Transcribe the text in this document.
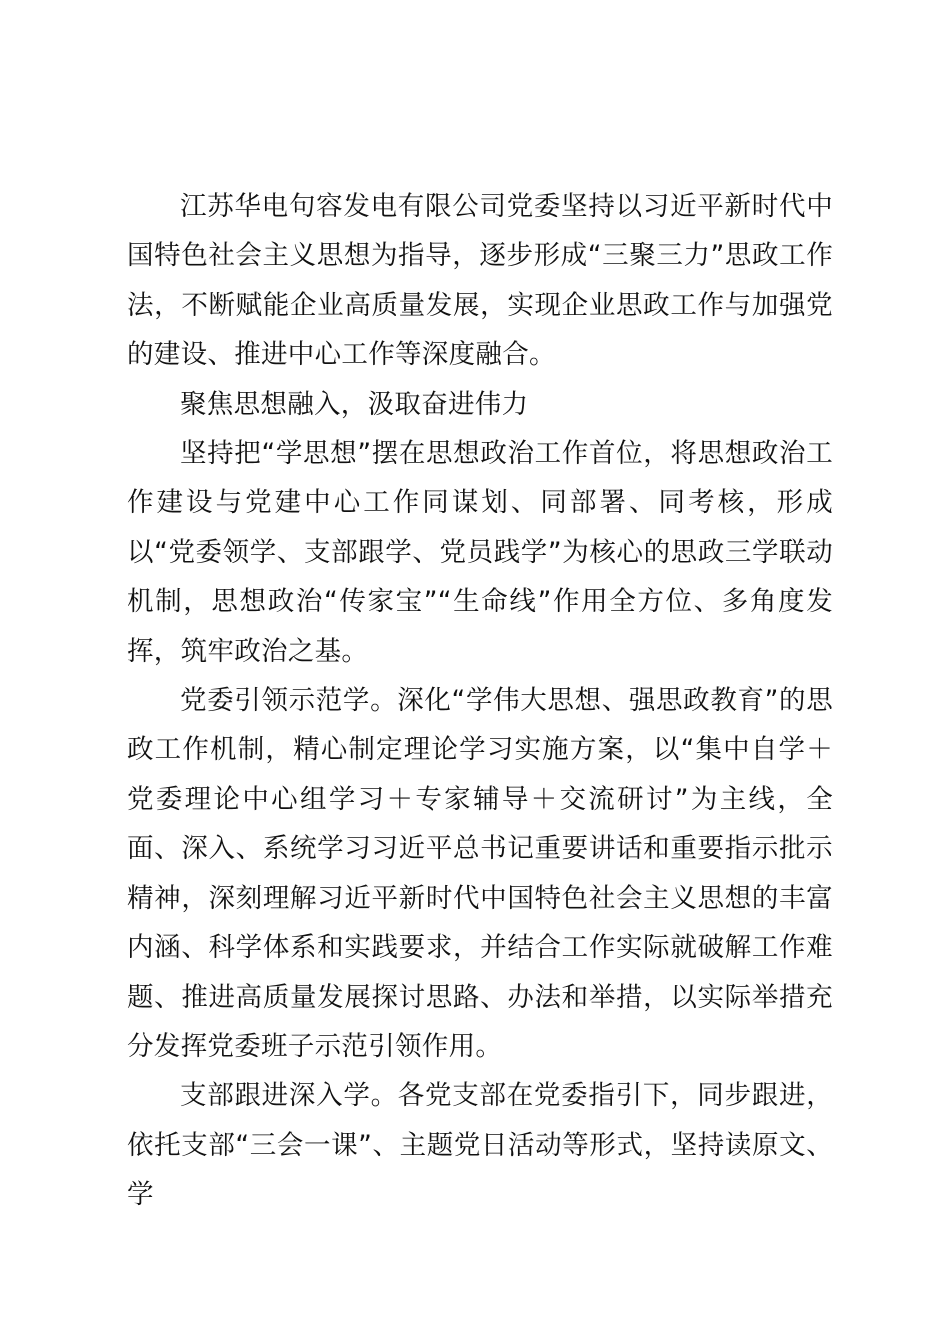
江苏华电句容发电有限公司党委坚持以习近平新时代中国特色社会主义思想为指导，逐步形成“三聚三力”思政工作法，不断赋能企业高质量发展，实现企业思政工作与加强党的建设、推进中心工作等深度融合。

聚焦思想融入，汲取奋进伟力

坚持把“学思想”摆在思想政治工作首位，将思想政治工作建设与党建中心工作同谋划、同部署、同考核，形成以“党委领学、支部跟学、党员践学”为核心的思政三学联动机制，思想政治“传家宝”“生命线”作用全方位、多角度发挥，筑牢政治之基。

党委引领示范学。深化“学伟大思想、强思政教育”的思政工作机制，精心制定理论学习实施方案，以“集中自学＋党委理论中心组学习＋专家辅导＋交流研讨”为主线，全面、深入、系统学习习近平总书记重要讲话和重要指示批示精神，深刻理解习近平新时代中国特色社会主义思想的丰富内涵、科学体系和实践要求，并结合工作实际就破解工作难题、推进高质量发展探讨思路、办法和举措，以实际举措充分发挥党委班子示范引领作用。

支部跟进深入学。各党支部在党委指引下，同步跟进，依托支部“三会一课”、主题党日活动等形式，坚持读原文、学
